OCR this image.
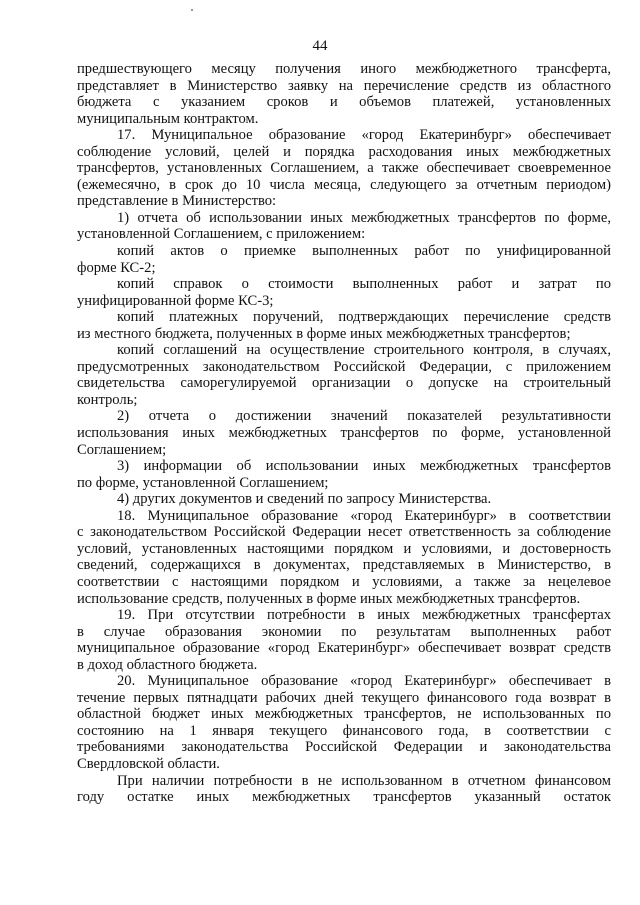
44
предшествующего месяцу получения иного межбюджетного трансферта,
представляет в Министерство заявку на перечисление средств из областного
бюджета с указанием сроков и объемов платежей, установленных
муниципальным контрактом.
17. Муниципальное образование «город Екатеринбург» обеспечивает
соблюдение условий, целей и порядка расходования иных межбюджетных
трансфертов, установленных Соглашением, а также обеспечивает своевременное
(ежемесячно, в срок до 10 числа месяца, следующего за отчетным периодом)
представление в Министерство:
1) отчета об использовании иных межбюджетных трансфертов по форме,
установленной Соглашением, с приложением:
копий актов о приемке выполненных работ по унифицированной
форме КС-2;
копий справок о стоимости выполненных работ и затрат по
унифицированной форме КС-3;
копий платежных поручений, подтверждающих перечисление средств
из местного бюджета, полученных в форме иных межбюджетных трансфертов;
копий соглашений на осуществление строительного контроля, в случаях,
предусмотренных законодательством Российской Федерации, с приложением
свидетельства саморегулируемой организации о допуске на строительный
контроль;
2) отчета о достижении значений показателей результативности
использования иных межбюджетных трансфертов по форме, установленной
Соглашением;
3) информации об использовании иных межбюджетных трансфертов
по форме, установленной Соглашением;
4) других документов и сведений по запросу Министерства.
18. Муниципальное образование «город Екатеринбург» в соответствии
с законодательством Российской Федерации несет ответственность за соблюдение
условий, установленных настоящими порядком и условиями, и достоверность
сведений, содержащихся в документах, представляемых в Министерство, в
соответствии с настоящими порядком и условиями, а также за нецелевое
использование средств, полученных в форме иных межбюджетных трансфертов.
19. При отсутствии потребности в иных межбюджетных трансфертах
в случае образования экономии по результатам выполненных работ
муниципальное образование «город Екатеринбург» обеспечивает возврат средств
в доход областного бюджета.
20. Муниципальное образование «город Екатеринбург» обеспечивает в
течение первых пятнадцати рабочих дней текущего финансового года возврат в
областной бюджет иных межбюджетных трансфертов, не использованных по
состоянию на 1 января текущего финансового года, в соответствии с
требованиями законодательства Российской Федерации и законодательства
Свердловской области.
При наличии потребности в не использованном в отчетном финансовом
году остатке иных межбюджетных трансфертов указанный остаток
